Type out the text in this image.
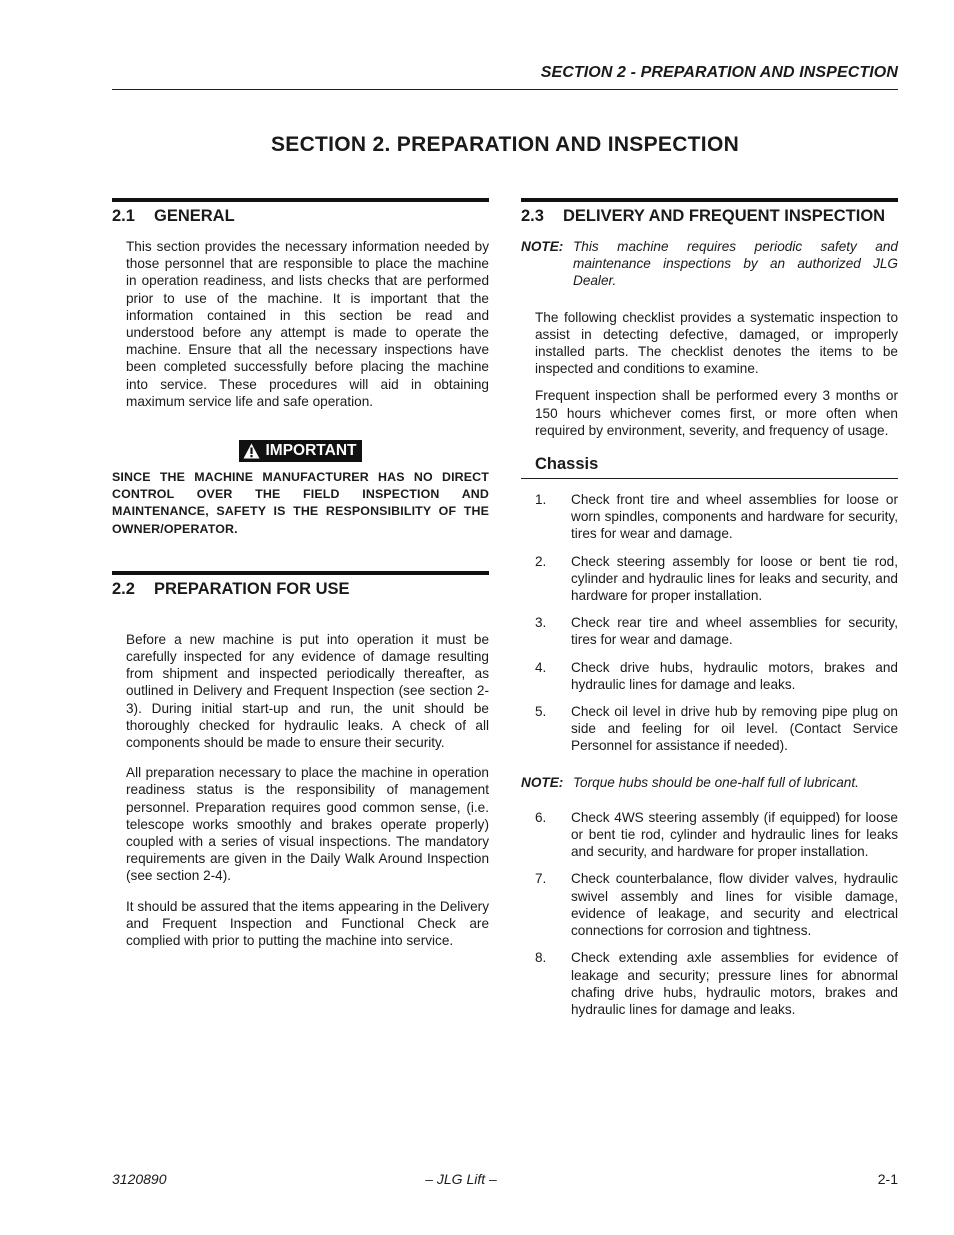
SECTION 2 - PREPARATION AND INSPECTION
SECTION 2. PREPARATION AND INSPECTION
2.1 GENERAL

This section provides the necessary information needed by those personnel that are responsible to place the machine in operation readiness, and lists checks that are performed prior to use of the machine. It is important that the information contained in this section be read and understood before any attempt is made to operate the machine. Ensure that all the necessary inspections have been completed successfully before placing the machine into service. These procedures will aid in obtaining maximum service life and safe operation.

IMPORTANT

SINCE THE MACHINE MANUFACTURER HAS NO DIRECT CONTROL OVER THE FIELD INSPECTION AND MAINTENANCE, SAFETY IS THE RESPONSIBILITY OF THE OWNER/OPERATOR.

2.2 PREPARATION FOR USE

Before a new machine is put into operation it must be carefully inspected for any evidence of damage resulting from shipment and inspected periodically thereafter, as outlined in Delivery and Frequent Inspection (see section 2-3). During initial start-up and run, the unit should be thoroughly checked for hydraulic leaks. A check of all components should be made to ensure their security.

All preparation necessary to place the machine in operation readiness status is the responsibility of management personnel. Preparation requires good common sense, (i.e. telescope works smoothly and brakes operate properly) coupled with a series of visual inspections. The mandatory requirements are given in the Daily Walk Around Inspection (see section 2-4).

It should be assured that the items appearing in the Delivery and Frequent Inspection and Functional Check are complied with prior to putting the machine into service.

2.3 DELIVERY AND FREQUENT INSPECTION
NOTE: This machine requires periodic safety and maintenance inspections by an authorized JLG Dealer.

The following checklist provides a systematic inspection to assist in detecting defective, damaged, or improperly installed parts. The checklist denotes the items to be inspected and conditions to examine.

Frequent inspection shall be performed every 3 months or 150 hours whichever comes first, or more often when required by environment, severity, and frequency of usage.

Chassis
1.	Check front tire and wheel assemblies for loose or worn spindles, components and hardware for security, tires for wear and damage.
2.	Check steering assembly for loose or bent tie rod, cylinder and hydraulic lines for leaks and security, and hardware for proper installation.
3.	Check rear tire and wheel assemblies for security, tires for wear and damage.
4.	Check drive hubs, hydraulic motors, brakes and hydraulic lines for damage and leaks.
5.	Check oil level in drive hub by removing pipe plug on side and feeling for oil level. (Contact Service Personnel for assistance if needed).
NOTE: Torque hubs should be one-half full of lubricant.
6.	Check 4WS steering assembly (if equipped) for loose or bent tie rod, cylinder and hydraulic lines for leaks and security, and hardware for proper installation.
7.	Check counterbalance, flow divider valves, hydraulic swivel assembly and lines for visible damage, evidence of leakage, and security and electrical connections for corrosion and tightness.
8.	Check extending axle assemblies for evidence of leakage and security; pressure lines for abnormal chafing drive hubs, hydraulic motors, brakes and hydraulic lines for damage and leaks.
3120890	– JLG Lift –	2-1
